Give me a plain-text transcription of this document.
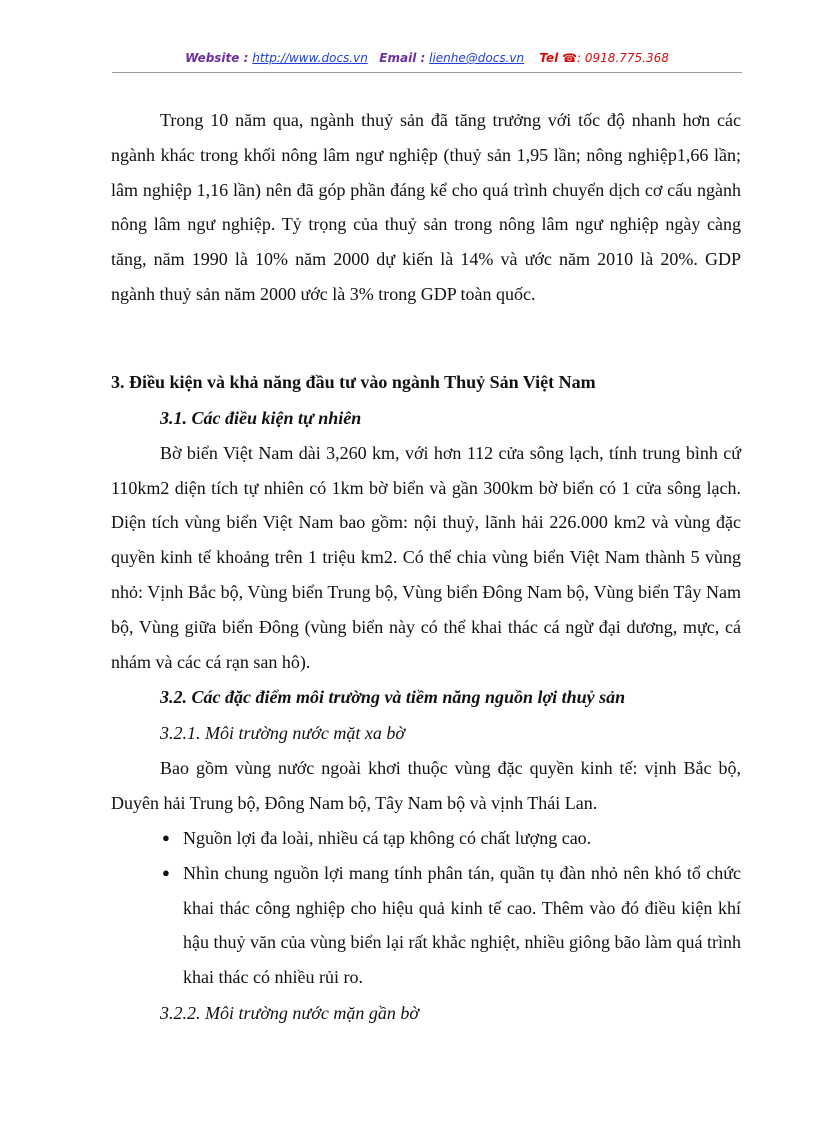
Website : http://www.docs.vn Email : lienhe@docs.vn Tel ☎: 0918.775.368

Trong 10 năm qua, ngành thuỷ sản đã tăng trưởng với tốc độ nhanh hơn các ngành khác trong khối nông lâm ngư nghiệp (thuỷ sản 1,95 lần; nông nghiệp1,66 lần; lâm nghiệp 1,16 lần) nên đã góp phần đáng kể cho quá trình chuyển dịch cơ cấu ngành nông lâm ngư nghiệp. Tỷ trọng của thuỷ sản trong nông lâm ngư nghiệp ngày càng tăng, năm 1990 là 10% năm 2000 dự kiến là 14% và ước năm 2010 là 20%. GDP ngành thuỷ sản năm 2000 ước là 3% trong GDP toàn quốc.

3. Điều kiện và khả năng đầu tư vào ngành Thuỷ Sản Việt Nam

3.1. Các điều kiện tự nhiên

Bờ biển Việt Nam dài 3,260 km, với hơn 112 cửa sông lạch, tính trung bình cứ 110km2 diện tích tự nhiên có 1km bờ biển và gần 300km bờ biển có 1 cửa sông lạch. Diện tích vùng biển Việt Nam bao gồm: nội thuỷ, lãnh hải 226.000 km2 và vùng đặc quyền kinh tế khoảng trên 1 triệu km2. Có thể chia vùng biển Việt Nam thành 5 vùng nhỏ: Vịnh Bắc bộ, Vùng biển Trung bộ, Vùng biển Đông Nam bộ, Vùng biển Tây Nam bộ, Vùng giữa biển Đông (vùng biển này có thể khai thác cá ngừ đại dương, mực, cá nhám và các cá rạn san hô).

3.2. Các đặc điểm môi trường và tiềm năng nguồn lợi thuỷ sản

3.2.1. Môi trường nước mặt xa bờ

Bao gồm vùng nước ngoài khơi thuộc vùng đặc quyền kinh tế: vịnh Bắc bộ, Duyên hải Trung bộ, Đông Nam bộ, Tây Nam bộ và vịnh Thái Lan.

● Nguồn lợi đa loài, nhiều cá tạp không có chất lượng cao.
● Nhìn chung nguồn lợi mang tính phân tán, quần tụ đàn nhỏ nên khó tổ chức khai thác công nghiệp cho hiệu quả kinh tế cao. Thêm vào đó điều kiện khí hậu thuỷ văn của vùng biển lại rất khắc nghiệt, nhiều giông bão làm quá trình khai thác có nhiều rủi ro.

3.2.2. Môi trường nước mặn gần bờ
